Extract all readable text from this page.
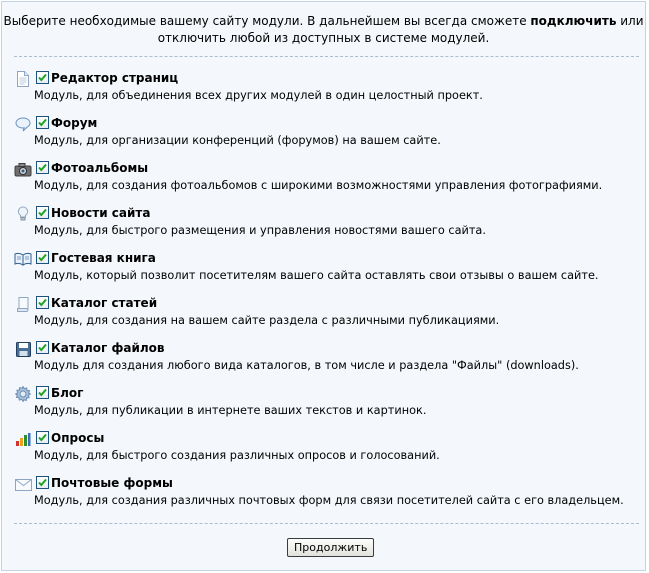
Выберите необходимые вашему сайту модули. В дальнейшем вы всегда сможете подключить или отключить любой из доступных в системе модулей.
Редактор страниц
Модуль, для объединения всех других модулей в один целостный проект.
Форум
Модуль, для организации конференций (форумов) на вашем сайте.
Фотоальбомы
Модуль, для создания фотоальбомов с широкими возможностями управления фотографиями.
Новости сайта
Модуль, для быстрого размещения и управления новостями вашего сайта.
Гостевая книга
Модуль, который позволит посетителям вашего сайта оставлять свои отзывы о вашем сайте.
Каталог статей
Модуль, для создания на вашем сайте раздела с различными публикациями.
Каталог файлов
Модуль для создания любого вида каталогов, в том числе и раздела "Файлы" (downloads).
Блог
Модуль, для публикации в интернете ваших текстов и картинок.
Опросы
Модуль, для быстрого создания различных опросов и голосований.
Почтовые формы
Модуль, для создания различных почтовых форм для связи посетителей сайта с его владельцем.
Продолжить
